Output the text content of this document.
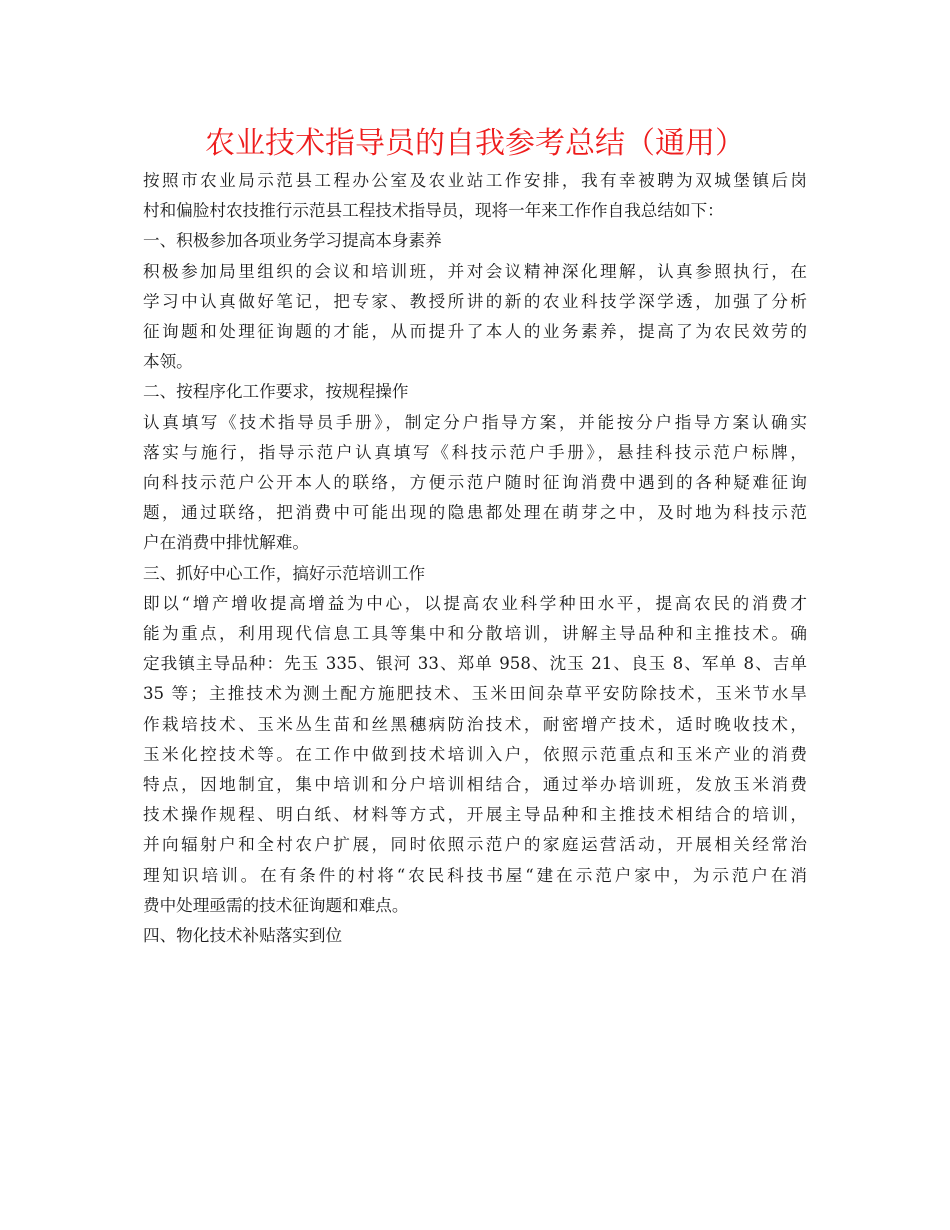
农业技术指导员的自我参考总结（通用）

按照市农业局示范县工程办公室及农业站工作安排，我有幸被聘为双城堡镇后岗

村和偏脸村农技推行示范县工程技术指导员，现将一年来工作作自我总结如下：

一、积极参加各项业务学习提高本身素养

积极参加局里组织的会议和培训班，并对会议精神深化理解，认真参照执行，在

学习中认真做好笔记，把专家、教授所讲的新的农业科技学深学透，加强了分析

征询题和处理征询题的才能，从而提升了本人的业务素养，提高了为农民效劳的

本领。

二、按程序化工作要求，按规程操作

认真填写《技术指导员手册》，制定分户指导方案，并能按分户指导方案认确实

落实与施行，指导示范户认真填写《科技示范户手册》，悬挂科技示范户标牌，

向科技示范户公开本人的联络，方便示范户随时征询消费中遇到的各种疑难征询

题，通过联络，把消费中可能出现的隐患都处理在萌芽之中，及时地为科技示范

户在消费中排忧解难。

三、抓好中心工作，搞好示范培训工作

即以“增产增收提高增益为中心，以提高农业科学种田水平，提高农民的消费才

能为重点，利用现代信息工具等集中和分散培训，讲解主导品种和主推技术。确

定我镇主导品种：先玉 335、银河 33、郑单 958、沈玉 21、良玉 8、军单 8、吉单

35 等；主推技术为测土配方施肥技术、玉米田间杂草平安防除技术，玉米节水旱

作栽培技术、玉米丛生苗和丝黑穗病防治技术，耐密增产技术，适时晚收技术，

玉米化控技术等。在工作中做到技术培训入户，依照示范重点和玉米产业的消费

特点，因地制宜，集中培训和分户培训相结合，通过举办培训班，发放玉米消费

技术操作规程、明白纸、材料等方式，开展主导品种和主推技术相结合的培训，

并向辐射户和全村农户扩展，同时依照示范户的家庭运营活动，开展相关经常治

理知识培训。在有条件的村将“农民科技书屋“建在示范户家中，为示范户在消

费中处理亟需的技术征询题和难点。

四、物化技术补贴落实到位
